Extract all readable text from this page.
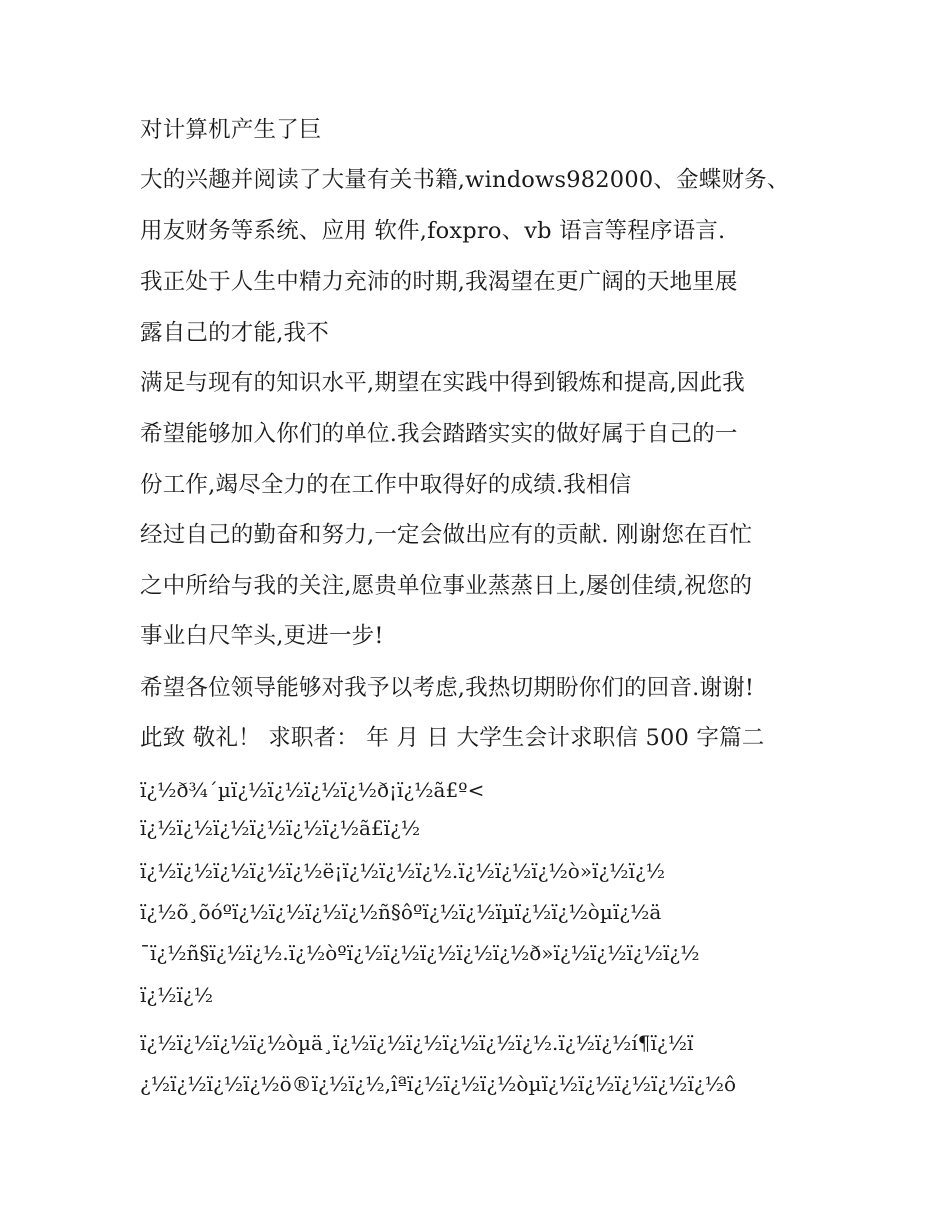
对计算机产生了巨
大的兴趣并阅读了大量有关书籍,windows982000、金蝶财务、
用友财务等系统、应用 软件,foxpro、vb 语言等程序语言.
我正处于人生中精力充沛的时期,我渴望在更广阔的天地里展
露自己的才能,我不
满足与现有的知识水平,期望在实践中得到锻炼和提高,因此我
希望能够加入你们的单位.我会踏踏实实的做好属于自己的一
份工作,竭尽全力的在工作中取得好的成绩.我相信
经过自己的勤奋和努力,一定会做出应有的贡献. 刚谢您在百忙
之中所给与我的关注,愿贵单位事业蒸蒸日上,屡创佳绩,祝您的
事业白尺竿头,更进一步!
希望各位领导能够对我予以考虑,我热切期盼你们的回音.谢谢!
此致 敬礼！ 求职者： 年 月 日 大学生会计求职信 500 字篇二
ï¿½ð¾´µï¿½ï¿½ï¿½ï¿½ð¡ï¿½ã£º<
ï¿½ï¿½ï¿½ï¿½ï¿½ï¿½ã£ï¿½
ï¿½ï¿½ï¿½ï¿½ï¿½ë¡ï¿½ï¿½ï¿½.ï¿½ï¿½ï¿½ò»ï¿½ï¿½
ï¿½õ¸õóºï¿½ï¿½ï¿½ï¿½ñ§ôºï¿½ï¿½ïµï¿½ï¿½òµï¿½ä
¯ï¿½ñ§ï¿½ï¿½.ï¿½òºï¿½ï¿½ï¿½ï¿½ï¿½ð»ï¿½ï¿½ï¿½ï¿½
ï¿½ï¿½
ï¿½ï¿½ï¿½ï¿½òµä¸ï¿½ï¿½ï¿½ï¿½ï¿½ï¿½.ï¿½ï¿½í¶ï¿½ï
¿½ï¿½ï¿½ï¿½ö®ï¿½ï¿½,îªï¿½ï¿½ï¿½òµï¿½ï¿½ï¿½ï¿½ï¿½ô
